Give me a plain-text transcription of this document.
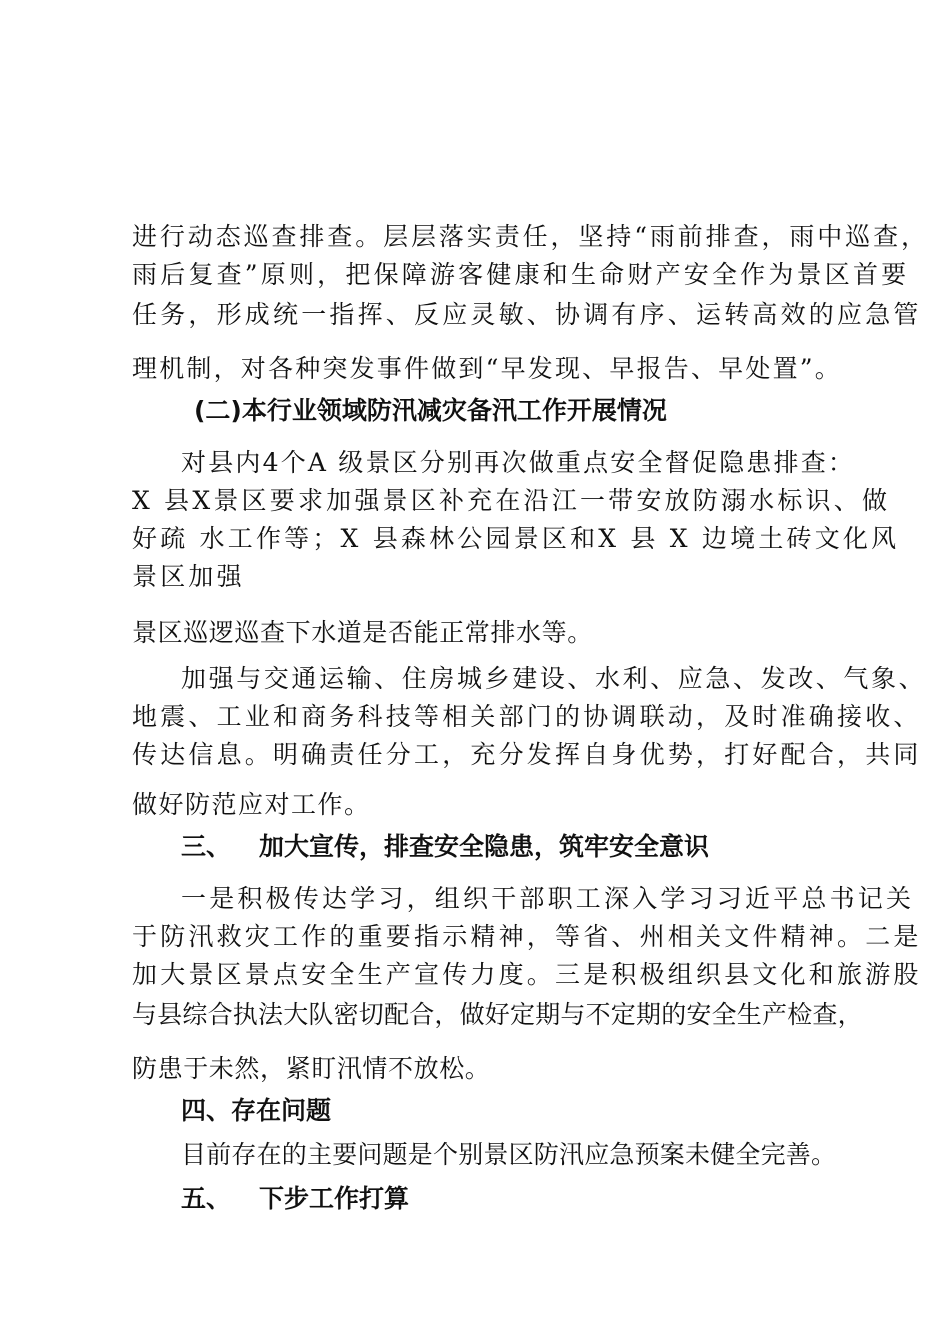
进行动态巡查排查。层层落实责任，坚持“雨前排查，雨中巡查，
雨后复查”原则，把保障游客健康和生命财产安全作为景区首要
任务，形成统一指挥、反应灵敏、协调有序、运转高效的应急管
理机制，对各种突发事件做到“早发现、早报告、早处置”。
(二)本行业领域防汛减灾备汛工作开展情况
对县内4个A 级景区分别再次做重点安全督促隐患排查：
X 县X景区要求加强景区补充在沿江一带安放防溺水标识、做
好疏 水工作等；X 县森林公园景区和X 县 X 边境土砖文化风
景区加强
景区巡逻巡查下水道是否能正常排水等。
加强与交通运输、住房城乡建设、水利、应急、发改、气象、
地震、工业和商务科技等相关部门的协调联动，及时准确接收、
传达信息。明确责任分工，充分发挥自身优势，打好配合，共同
做好防范应对工作。
三、 加大宣传，排查安全隐患，筑牢安全意识
一是积极传达学习，组织干部职工深入学习习近平总书记关
于防汛救灾工作的重要指示精神，等省、州相关文件精神。二是
加大景区景点安全生产宣传力度。三是积极组织县文化和旅游股
与县综合执法大队密切配合，做好定期与不定期的安全生产检查，
防患于未然，紧盯汛情不放松。
四、存在问题
目前存在的主要问题是个别景区防汛应急预案未健全完善。
五、 下步工作打算
